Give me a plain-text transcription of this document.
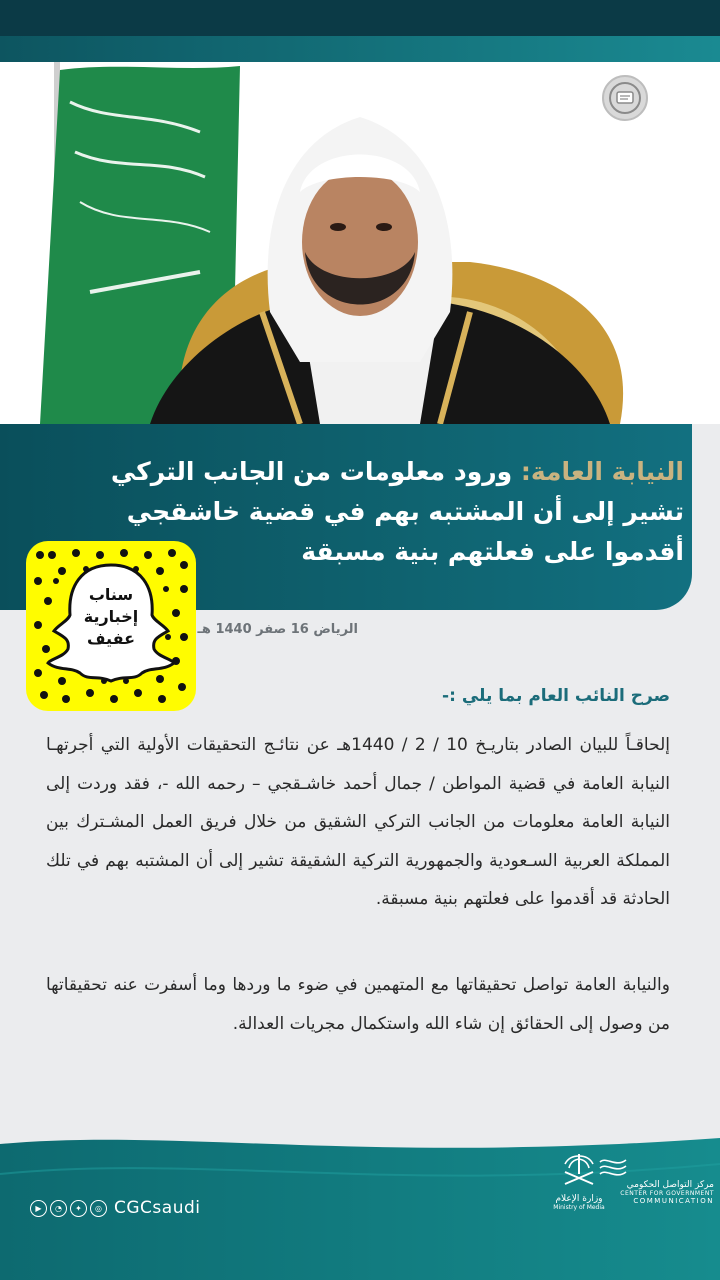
النيابة العامة: ورود معلومات من الجانب التركي تشير إلى أن المشتبه بهم في قضية خاشقجي أقدموا على فعلتهم بنية مسبقة
الرياض 16 صفر 1440 هـ
صرح النائب العام بما يلي :-

إلحاقـاً للبيان الصادر بتاريـخ 10 / 2 / 1440هـ عن نتائـج التحقيقات الأولية التي أجرتهـا النيابة العامة في قضية المواطن / جمال أحمد خاشـقجي – رحمه الله -، فقد وردت إلى النيابة العامة معلومات من الجانب التركي الشقيق من خلال فريق العمل المشـترك بين المملكة العربية السـعودية والجمهورية التركية الشقيقة تشير إلى أن المشتبه بهم في تلك الحادثة قد أقدموا على فعلتهم بنية مسبقة.

والنيابة العامة تواصل تحقيقاتها مع المتهمين في ضوء ما وردها وما أسفرت عنه تحقيقاتها من وصول إلى الحقائق إن شاء الله واستكمال مجريات العدالة.

سناب
إخبارية
عفيف
▶	◔	✦	◎ CGCsaudi	وزارة الإعلام
Ministry of Media
مركز التواصل الحكومي
CENTER FOR GOVERNMENT
COMMUNICATION
